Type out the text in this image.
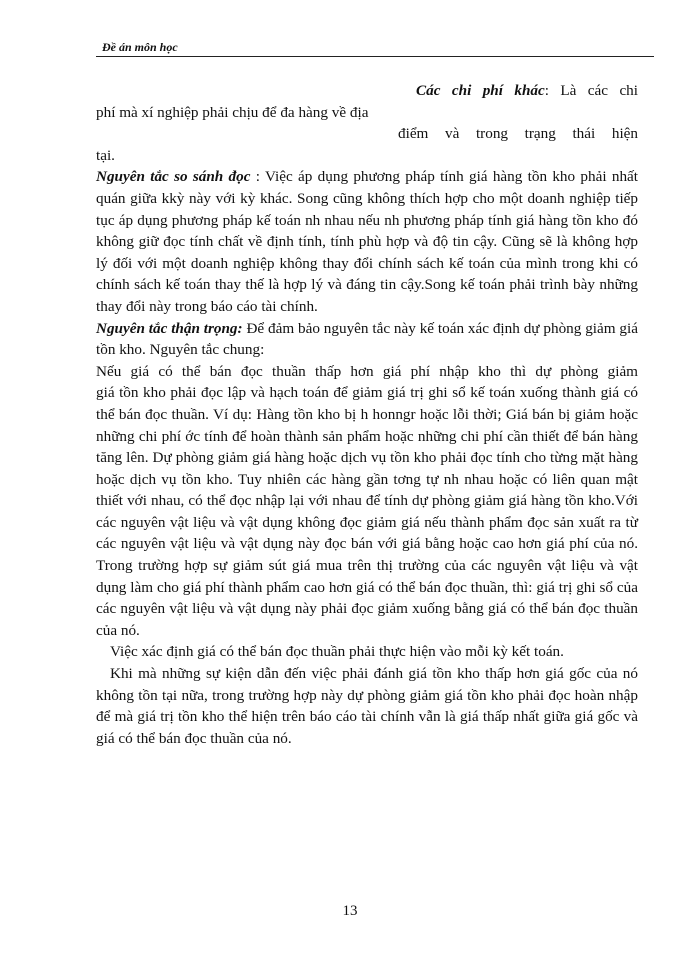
Đề án môn học

Các chi phí khác: Là các chi

phí mà xí nghiệp phải chịu để đa hàng về địa

điểm và trong trạng thái hiện

tại.

Nguyên tắc so sánh đọc : Việc áp dụng phương pháp tính giá hàng tồn kho phải nhất quán giữa kkỳ này với kỳ khác. Song cũng không thích hợp cho một doanh nghiệp tiếp tục áp dụng phương pháp kế toán nh nhau nếu nh phương pháp tính giá hàng tồn kho đó không giữ đọc tính chất về định tính, tính phù hợp và độ tin cậy. Cũng sẽ là không hợp lý đối với một doanh nghiệp không thay đổi chính sách kế toán của mình trong khi có chính sách kế toán thay thế là hợp lý và đáng tin cậy.Song kế toán phải trình bày những thay đổi này trong báo cáo tài chính.

Nguyên tắc thận trọng: Để đảm bảo nguyên tắc này kế toán xác định dự phòng giảm giá tồn kho. Nguyên tắc chung:

Nếu giá có thể bán đọc thuần thấp hơn giá phí nhập kho thì dự phòng giảm

giá tồn kho phải đọc lập và hạch toán để giảm giá trị ghi sổ kế toán xuống thành giá có thể bán đọc thuần. Ví dụ: Hàng tồn kho bị h honngr hoặc lỗi thời; Giá bán bị giảm hoặc những chi phí ớc tính để hoàn thành sản phẩm hoặc những chi phí cần thiết để bán hàng tăng lên. Dự phòng giảm giá hàng hoặc dịch vụ tồn kho phải đọc tính cho từng mặt hàng hoặc dịch vụ tồn kho. Tuy nhiên các hàng gần tơng tự nh nhau hoặc có liên quan mật thiết với nhau, có thể đọc nhập lại với nhau để tính dự phòng giảm giá hàng tồn kho.Với các nguyên vật liệu và vật dụng không đọc giảm giá nếu thành phẩm đọc sản xuất ra từ các nguyên vật liệu và vật dụng này đọc bán với giá bằng hoặc cao hơn giá phí của nó. Trong trường hợp sự giảm sút giá mua trên thị trường của các nguyên vật liệu và vật dụng làm cho giá phí thành phẩm cao hơn giá có thể bán đọc thuần, thì: giá trị ghi sổ của các nguyên vật liệu và vật dụng này phải đọc giảm xuống bằng giá có thể bán đọc thuần của nó.

Việc xác định giá có thể bán đọc thuần phải thực hiện vào mỗi kỳ kết toán.

Khi mà những sự kiện dẫn đến việc phải đánh giá tồn kho thấp hơn giá gốc của nó không tồn tại nữa, trong trường hợp này dự phòng giảm giá tồn kho phải đọc hoàn nhập để mà giá trị tồn kho thể hiện trên báo cáo tài chính vẫn là giá thấp nhất giữa giá gốc và giá có thể bán đọc thuần của nó.

13
